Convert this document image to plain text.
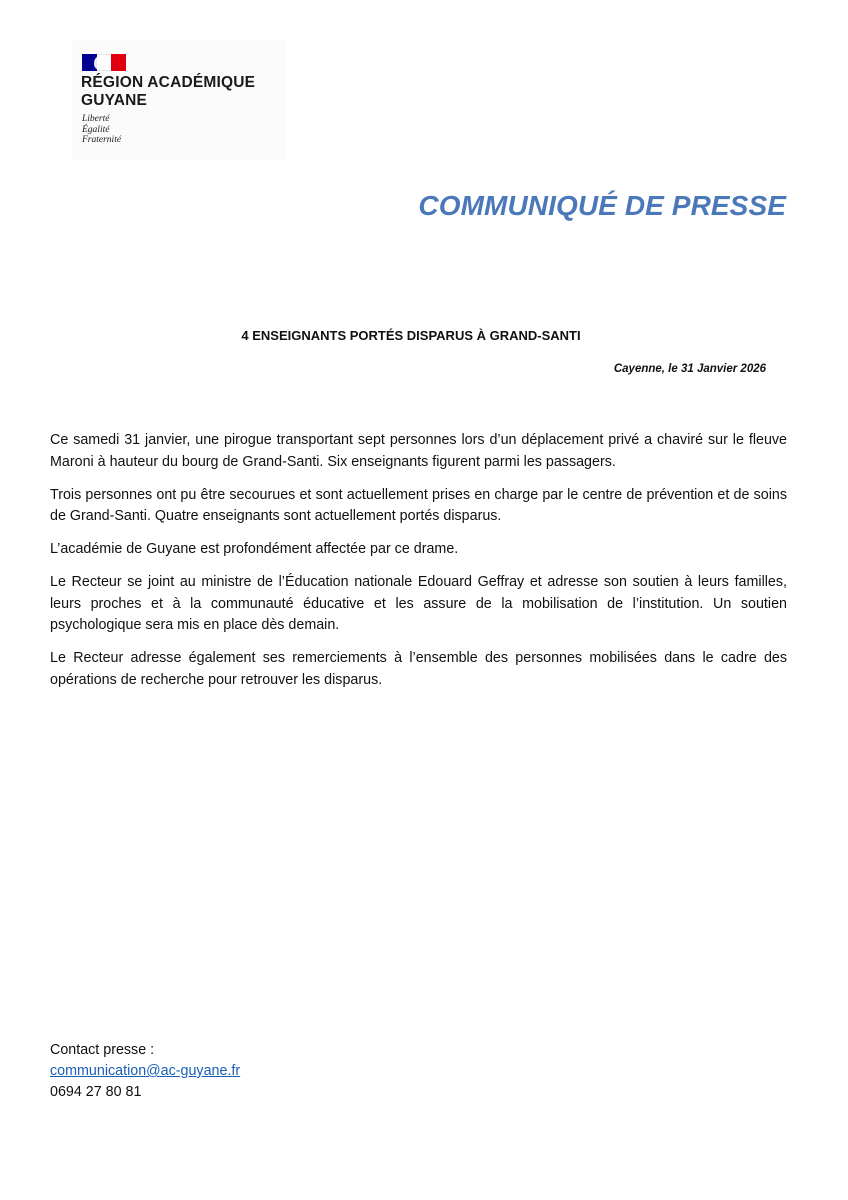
RÉGION ACADÉMIQUE
GUYANE
Liberté
Égalité
Fraternité
COMMUNIQUÉ DE PRESSE
4 ENSEIGNANTS PORTÉS DISPARUS À GRAND-SANTI
Cayenne, le 31 Janvier 2026

Ce samedi 31 janvier, une pirogue transportant sept personnes lors d’un déplacement privé a chaviré sur le fleuve Maroni à hauteur du bourg de Grand-Santi. Six enseignants figurent parmi les passagers.

Trois personnes ont pu être secourues et sont actuellement prises en charge par le centre de prévention et de soins de Grand-Santi. Quatre enseignants sont actuellement portés disparus.

L’académie de Guyane est profondément affectée par ce drame.

Le Recteur se joint au ministre de l’Éducation nationale Edouard Geffray et adresse son soutien à leurs familles, leurs proches et à la communauté éducative et les assure de la mobilisation de l’institution. Un soutien psychologique sera mis en place dès demain.

Le Recteur adresse également ses remerciements à l’ensemble des personnes mobilisées dans le cadre des opérations de recherche pour retrouver les disparus.

Contact presse :
communication@ac-guyane.fr
0694 27 80 81
